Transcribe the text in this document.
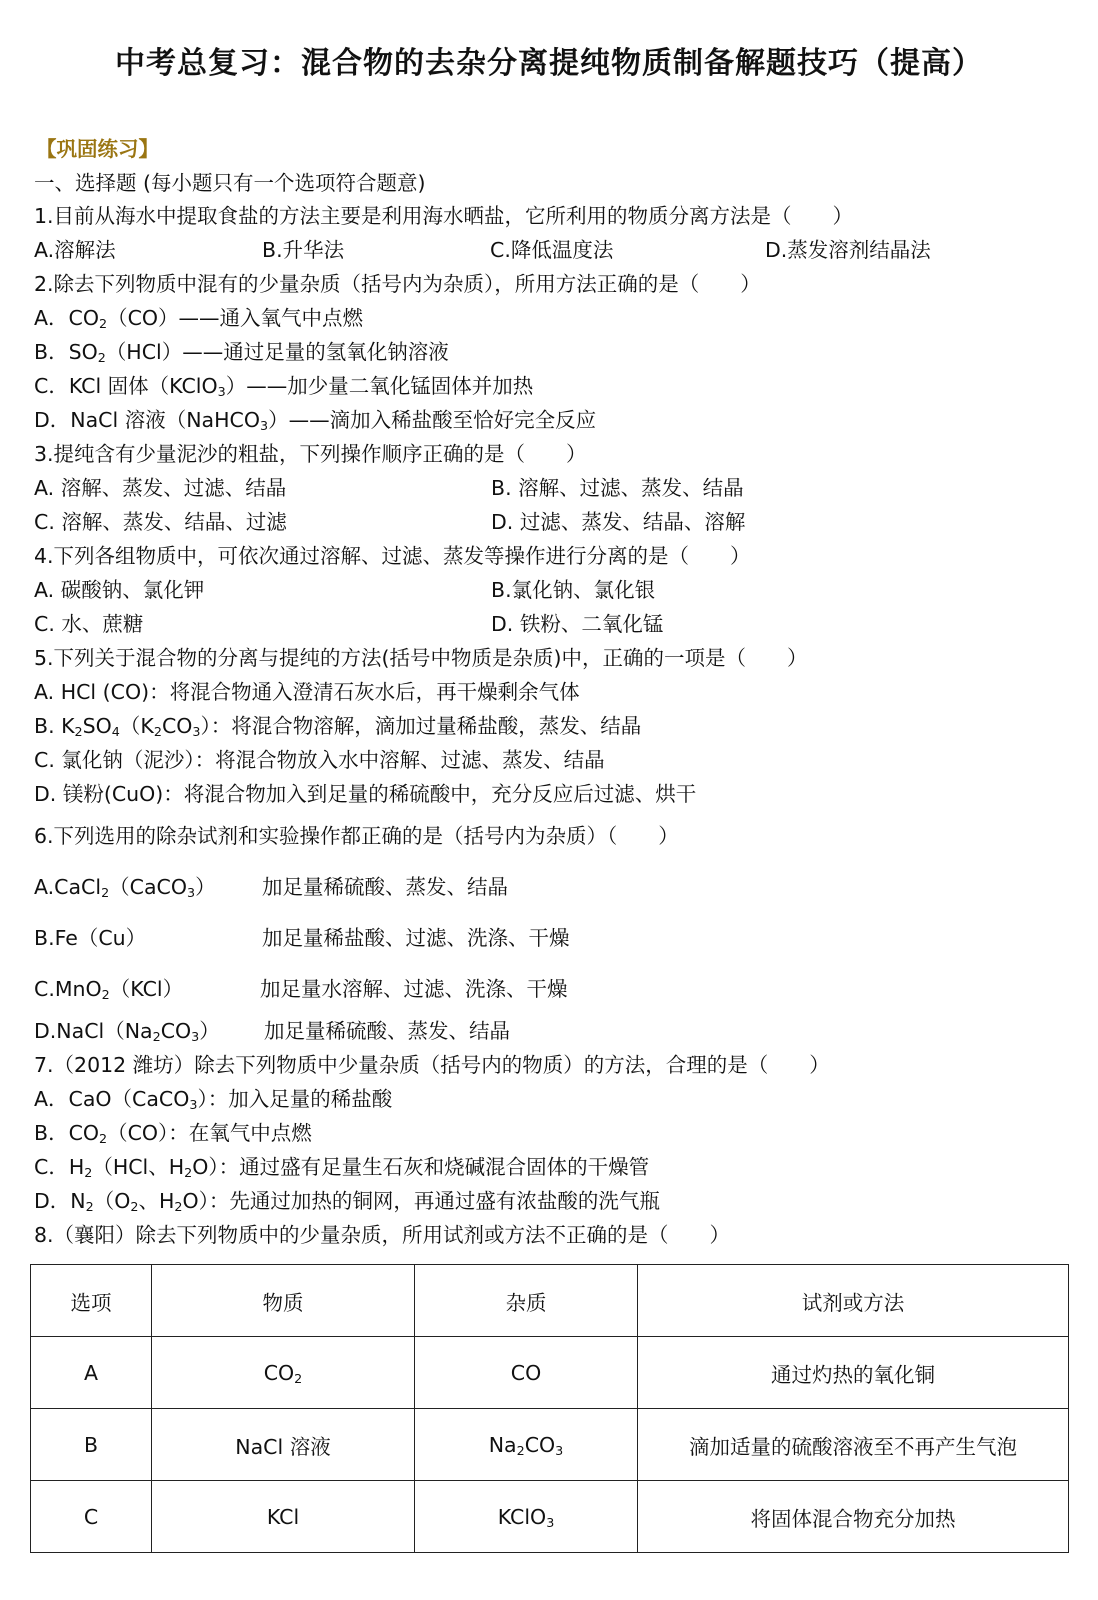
中考总复习：混合物的去杂分离提纯物质制备解题技巧（提高）
【巩固练习】
一、选择题 (每小题只有一个选项符合题意)
1.目前从海水中提取食盐的方法主要是利用海水晒盐，它所利用的物质分离方法是（　　）
A.溶解法	B.升华法	C.降低温度法	D.蒸发溶剂结晶法
2.除去下列物质中混有的少量杂质（括号内为杂质），所用方法正确的是（　　）
A．$CO_2(CO)——$通入氧气中点燃
B．$SO_2(HCl)——$通过足量的氢氧化钠溶液
C．KCl 固体（KClO$_3$）——加少量二氧化锰固体并加热
D．NaCl 溶液（NaHCO$_3$）——滴加入稀盐酸至恰好完全反应
3.提纯含有少量泥沙的粗盐，下列操作顺序正确的是（　　）
A. 溶解、蒸发、过滤、结晶	B. 溶解、过滤、蒸发、结晶
C. 溶解、蒸发、结晶、过滤	D. 过滤、蒸发、结晶、溶解
4.下列各组物质中，可依次通过溶解、过滤、蒸发等操作进行分离的是（　　）
A. 碳酸钠、氯化钾	B.氯化钠、氯化银
C. 水、蔗糖	D. 铁粉、二氧化锰
5.下列关于混合物的分离与提纯的方法(括号中物质是杂质)中，正确的一项是（　　）
A. HCl (CO)：将混合物通入澄清石灰水后，再干燥剩余气体
B. $K_2SO_4(K_2CO_3)$：将混合物溶解，滴加过量稀盐酸，蒸发、结晶
C. 氯化钠（泥沙）：将混合物放入水中溶解、过滤、蒸发、结晶
D. 镁粉(CuO)：将混合物加入到足量的稀硫酸中，充分反应后过滤、烘干
6.下列选用的除杂试剂和实验操作都正确的是（括号内为杂质）（　　）
A.CaCl$_2$（CaCO$_3$） 加足量稀硫酸、蒸发、结晶
B.Fe（Cu）	加足量稀盐酸、过滤、洗涤、干燥
C.MnO$_2$（KCl）	加足量水溶解、过滤、洗涤、干燥
$D.NaCl(Na_2CO_3)$ 加足量稀硫酸、蒸发、结晶
7.（2012 潍坊）除去下列物质中少量杂质（括号内的物质）的方法，合理的是（　　）
A．CaO（CaCO$_3$）：加入足量的稀盐酸
B．$CO_2(CO)$：在氧气中点燃
C．$H_2(HCl$、$H_2O$）：通过盛有足量生石灰和烧碱混合固体的干燥管
D．$N_2(O_2$、$H_2O$）：先通过加热的铜网，再通过盛有浓盐酸的洗气瓶
8.（襄阳）除去下列物质中的少量杂质，所用试剂或方法不正确的是（　　）
选项	物质	杂质	试剂或方法
A	$CO_2$	CO	通过灼热的氧化铜
B	NaCl 溶液	$Na_2CO_3$	滴加适量的硫酸溶液至不再产生气泡
C	KCl	KClO$_3$	将固体混合物充分加热
